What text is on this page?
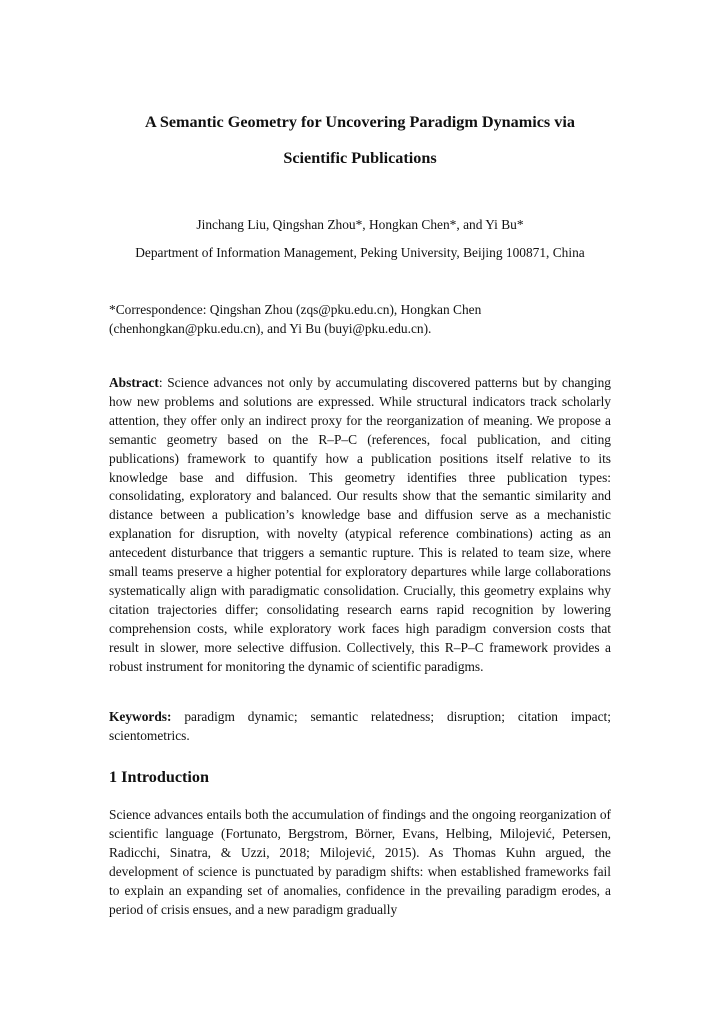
A Semantic Geometry for Uncovering Paradigm Dynamics via
Scientific Publications
Jinchang Liu, Qingshan Zhou*, Hongkan Chen*, and Yi Bu*
Department of Information Management, Peking University, Beijing 100871, China
*Correspondence: Qingshan Zhou (zqs@pku.edu.cn), Hongkan Chen
(chenhongkan@pku.edu.cn), and Yi Bu (buyi@pku.edu.cn).
Abstract: Science advances not only by accumulating discovered patterns but by changing how new problems and solutions are expressed. While structural indicators track scholarly attention, they offer only an indirect proxy for the reorganization of meaning. We propose a semantic geometry based on the R–P–C (references, focal publication, and citing publications) framework to quantify how a publication positions itself relative to its knowledge base and diffusion. This geometry identifies three publication types: consolidating, exploratory and balanced. Our results show that the semantic similarity and distance between a publication’s knowledge base and diffusion serve as a mechanistic explanation for disruption, with novelty (atypical reference combinations) acting as an antecedent disturbance that triggers a semantic rupture. This is related to team size, where small teams preserve a higher potential for exploratory departures while large collaborations systematically align with paradigmatic consolidation. Crucially, this geometry explains why citation trajectories differ; consolidating research earns rapid recognition by lowering comprehension costs, while exploratory work faces high paradigm conversion costs that result in slower, more selective diffusion. Collectively, this R–P–C framework provides a robust instrument for monitoring the dynamic of scientific paradigms.
Keywords: paradigm dynamic; semantic relatedness; disruption; citation impact; scientometrics.
1 Introduction
Science advances entails both the accumulation of findings and the ongoing reorganization of scientific language (Fortunato, Bergstrom, Börner, Evans, Helbing, Milojević, Petersen, Radicchi, Sinatra, & Uzzi, 2018; Milojević, 2015). As Thomas Kuhn argued, the development of science is punctuated by paradigm shifts: when established frameworks fail to explain an expanding set of anomalies, confidence in the prevailing paradigm erodes, a period of crisis ensues, and a new paradigm gradually
